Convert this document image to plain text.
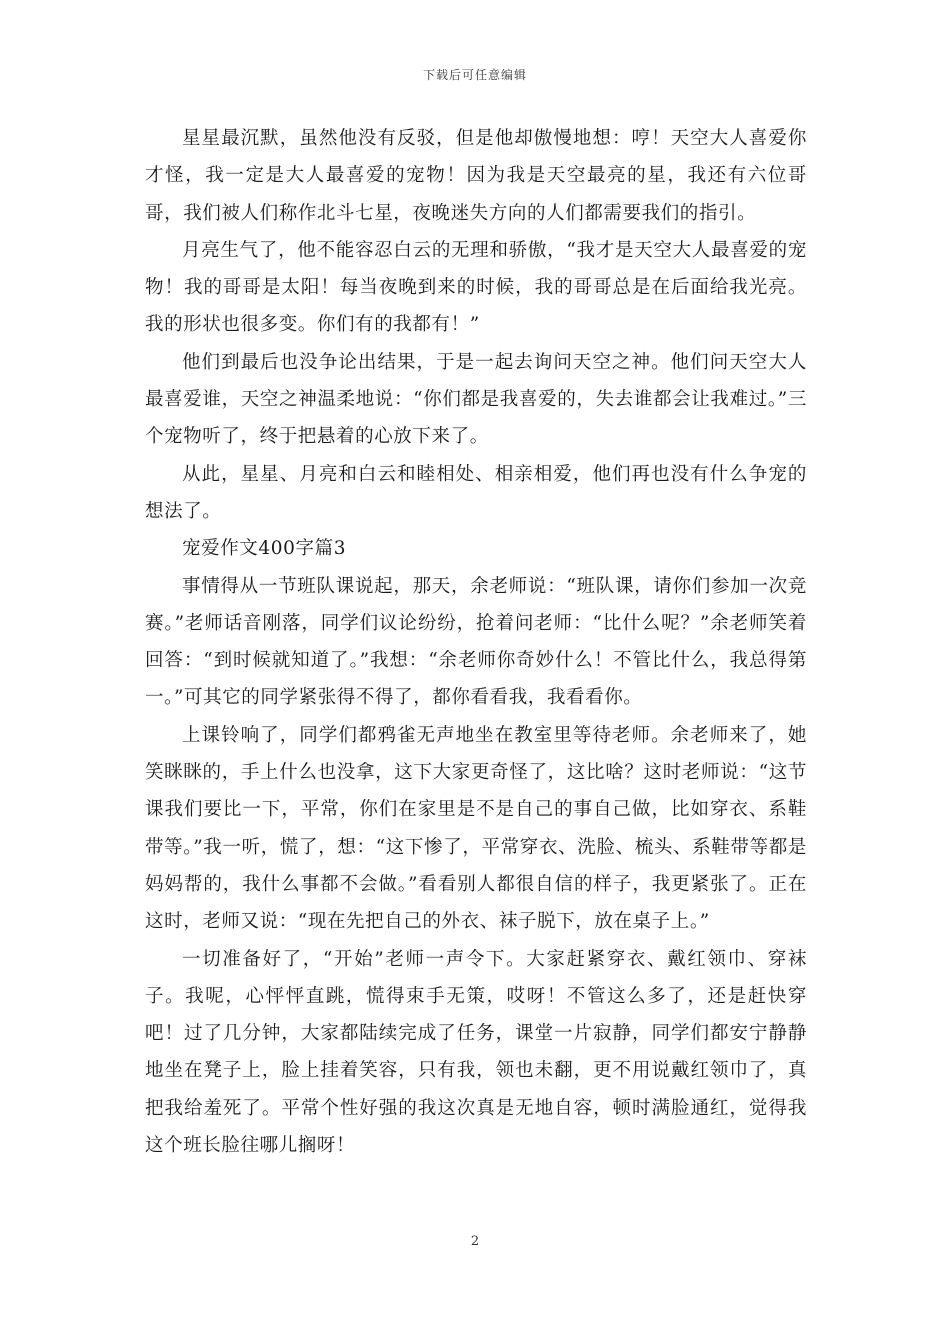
下载后可任意编辑

星星最沉默，虽然他没有反驳，但是他却傲慢地想：哼！天空大人喜爱你才怪，我一定是大人最喜爱的宠物！因为我是天空最亮的星，我还有六位哥哥，我们被人们称作北斗七星，夜晚迷失方向的人们都需要我们的指引。

月亮生气了，他不能容忍白云的无理和骄傲，“我才是天空大人最喜爱的宠物！我的哥哥是太阳！每当夜晚到来的时候，我的哥哥总是在后面给我光亮。我的形状也很多变。你们有的我都有！”

他们到最后也没争论出结果，于是一起去询问天空之神。他们问天空大人最喜爱谁，天空之神温柔地说：“你们都是我喜爱的，失去谁都会让我难过。”三个宠物听了，终于把悬着的心放下来了。

从此，星星、月亮和白云和睦相处、相亲相爱，他们再也没有什么争宠的想法了。

宠爱作文400字篇3

事情得从一节班队课说起，那天，余老师说：“班队课，请你们参加一次竞赛。”老师话音刚落，同学们议论纷纷，抢着问老师：“比什么呢？”余老师笑着回答：“到时候就知道了。”我想：“余老师你奇妙什么！不管比什么，我总得第一。”可其它的同学紧张得不得了，都你看看我，我看看你。

上课铃响了，同学们都鸦雀无声地坐在教室里等待老师。余老师来了，她笑眯眯的，手上什么也没拿，这下大家更奇怪了，这比啥？这时老师说：“这节课我们要比一下，平常，你们在家里是不是自己的事自己做，比如穿衣、系鞋带等。”我一听，慌了，想：“这下惨了，平常穿衣、洗脸、梳头、系鞋带等都是妈妈帮的，我什么事都不会做。”看看别人都很自信的样子，我更紧张了。正在这时，老师又说：“现在先把自己的外衣、袜子脱下，放在桌子上。”

一切准备好了，“开始”老师一声令下。大家赶紧穿衣、戴红领巾、穿袜子。我呢，心怦怦直跳，慌得束手无策，哎呀！不管这么多了，还是赶快穿吧！过了几分钟，大家都陆续完成了任务，课堂一片寂静，同学们都安宁静静地坐在凳子上，脸上挂着笑容，只有我，领也未翻，更不用说戴红领巾了，真把我给羞死了。平常个性好强的我这次真是无地自容，顿时满脸通红，觉得我这个班长脸往哪儿搁呀！

2
